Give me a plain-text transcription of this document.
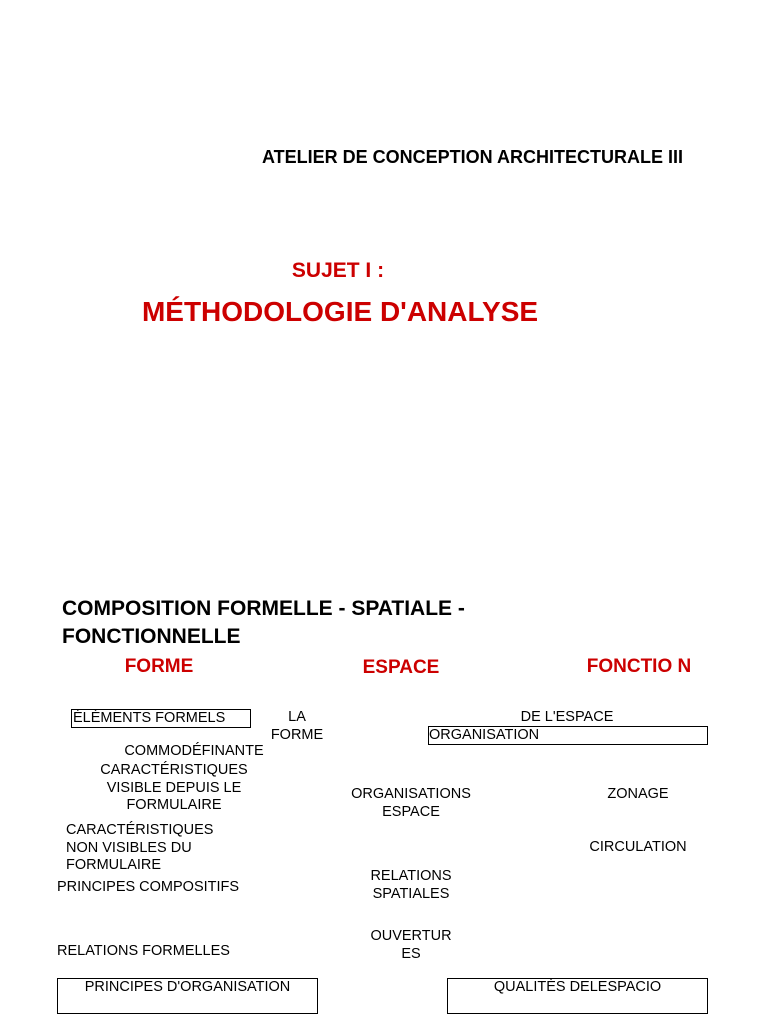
ATELIER DE CONCEPTION ARCHITECTURALE III
SUJET I :
MÉTHODOLOGIE D'ANALYSE
COMPOSITION FORMELLE - SPATIALE - FONCTIONNELLE
FORME	ESPACE	FONCTIO N
ÉLÉMENTS FORMELS	LA FORME
COMMODÉFINANTE
CARACTÉRISTIQUES VISIBLE DEPUIS LE FORMULAIRE
CARACTÉRISTIQUES NON VISIBLES DU FORMULAIRE
PRINCIPES COMPOSITIFS
RELATIONS FORMELLES
PRINCIPES D'ORGANISATION
DE L'ESPACE
ORGANISATION
ORGANISATIONS ESPACE
RELATIONS SPATIALES
OUVERTUR ES
QUALITÉS DELESPACIO
ZONAGE
CIRCULATION
